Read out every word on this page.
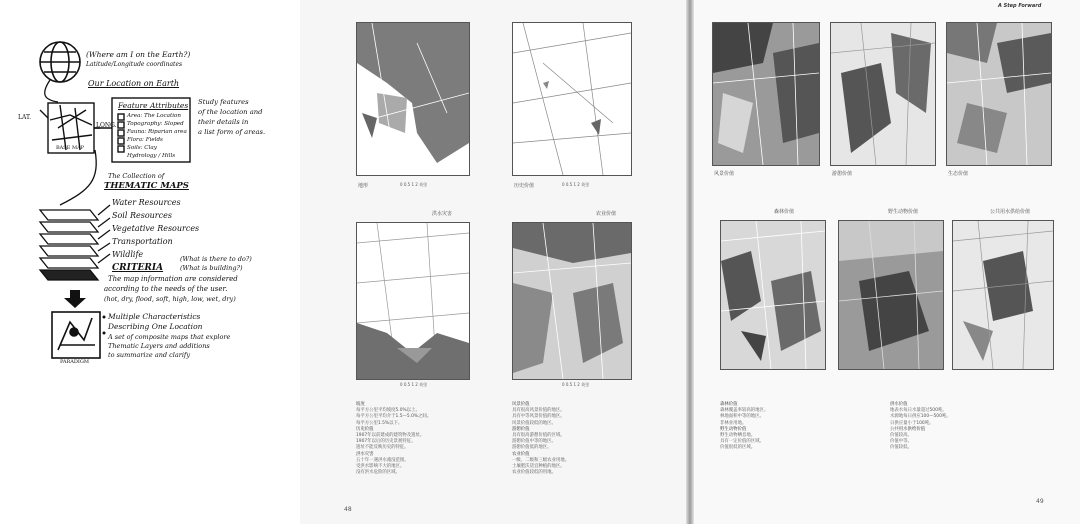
(Where am I on the Earth?)
Latitude/Longitude coordinates
Our Location on Earth
LAT.
LONG.
BASE MAP
Feature Attributes
Area: The Location
Topography: Sloped
Fauna: Riparian area
Flora: Fields
Soils: Clay
Hydrology / Hills
Study features
of the location and
their details in
a list form of areas.
The Collection of
THEMATIC MAPS
Water Resources
Soil Resources
Vegetative Resources
Transportation
Wildlife
CRITERIA
(What is there to do?)
(What is building?)
The map information are considered
according to the needs of the user.
(hot, dry, flood, soft, high, low, wet, dry)
Multiple Characteristics
Describing One Location
A set of composite maps that explore
Thematic Layers and additions
to summarize and clarify
PARADIGM
地形	0 0.5 1 2 英里	历史价值	0 0.5 1 2 英里
洪水灾害	农业价值
0 0.5 1 2 英里	0 0.5 1 2 英里
坡度
每平方公里平均坡度5.0%以上。
每平方公里平均介于1.5—5.0%之间。
每平方公里1.5%以下。
历史价值
1907年以前建成的建筑物及遗址。
1907年以后的历史景观特征。
遗址不能反映历史的特征。
洪水灾害
五十年一遇洪水淹没范围。
受洪水影响不大的地区。
没有洪水危险的区域。
风景价值
具有很高风景价值的地区。
具有中等风景价值的地区。
风景价值较低的地区。
游憩价值
具有很高游憩价值的区域。
游憩价值中等的地区。
游憩价值低的地区。
农业价值
一级、二级和三级农业用地。
土壤肥沃适宜种植的地区。
农业价值较低的用地。
48
A Step Forward
风景价值	游憩价值	生态价值
森林价值	野生动物价值	公共用水供给价值
森林价值
森林覆盖率较高的地区。
林地面积中等的地区。
非林业用地。
野生动物价值
野生动物栖息地。
具有一定价值的区域。
价值很低的区域。
供水价值
地表水每日水量超过500吨。
水源地每日供应100—500吨。
日供应量小于100吨。
公共用水供给价值
价值较高。
价值中等。
价值较低。
49
